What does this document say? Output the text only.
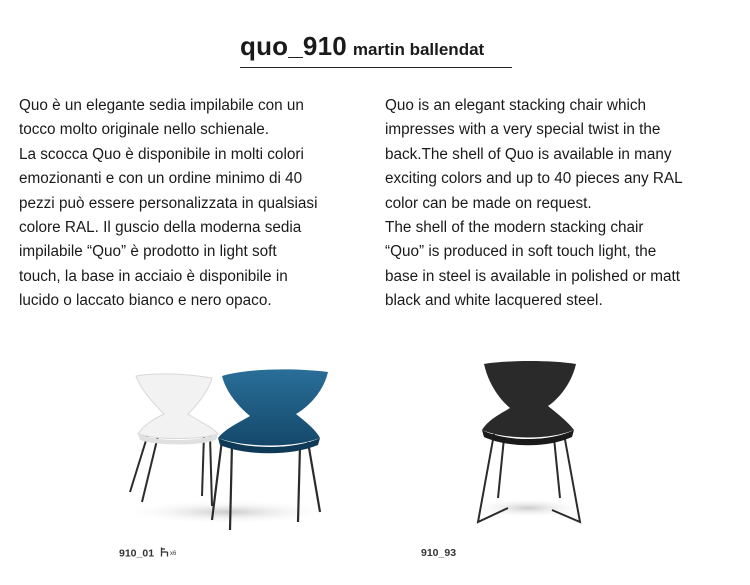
quo_910 martin ballendat

Quo è un elegante sedia impilabile con un

tocco molto originale nello schienale.

La scocca Quo è disponibile in molti colori

emozionanti e con un ordine minimo di 40

pezzi può essere personalizzata in qualsiasi

colore RAL. Il guscio della moderna sedia

impilabile “Quo” è prodotto in light soft

touch, la base in acciaio è disponibile in

lucido o laccato bianco e nero opaco.

Quo is an elegant stacking chair which

impresses with a very special twist in the

back.The shell of Quo is available in many

exciting colors and up to 40 pieces any RAL

color can be made on request.

The shell of the modern stacking chair

“Quo” is produced in soft touch light, the

base in steel is available in polished or matt

black and white lacquered steel.

910_01	x6	910_93
